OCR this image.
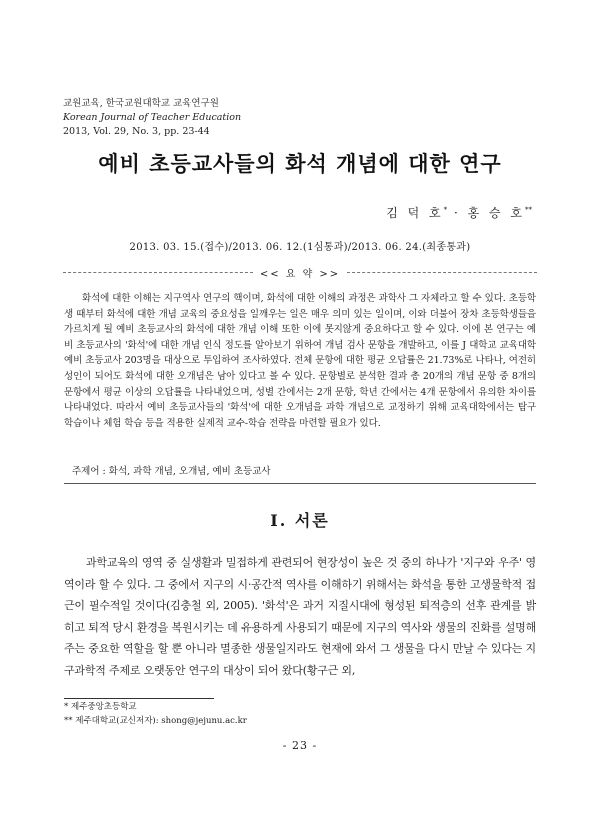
교원교육, 한국교원대학교 교육연구원
Korean Journal of Teacher Education
2013, Vol. 29, No. 3, pp. 23-44
예비 초등교사들의 화석 개념에 대한 연구
김 덕 호* · 홍 승 호**
2013. 03. 15.(접수)/2013. 06. 12.(1심통과)/2013. 06. 24.(최종통과)
<< 요 약 >>
화석에 대한 이해는 지구역사 연구의 핵이며, 화석에 대한 이해의 과정은 과학사 그 자체라고 할 수 있다. 초등학생 때부터 화석에 대한 개념 교육의 중요성을 일깨우는 일은 매우 의미 있는 일이며, 이와 더불어 장차 초등학생들을 가르치게 될 예비 초등교사의 화석에 대한 개념 이해 또한 이에 못지않게 중요하다고 할 수 있다. 이에 본 연구는 예비 초등교사의 '화석'에 대한 개념 인식 정도를 알아보기 위하여 개념 검사 문항을 개발하고, 이를 J 대학교 교육대학 예비 초등교사 203명을 대상으로 투입하여 조사하였다. 전체 문항에 대한 평균 오답률은 21.73%로 나타나, 여전히 성인이 되어도 화석에 대한 오개념은 남아 있다고 볼 수 있다. 문항별로 분석한 결과 총 20개의 개념 문항 중 8개의 문항에서 평균 이상의 오답률을 나타내었으며, 성별 간에서는 2개 문항, 학년 간에서는 4개 문항에서 유의한 차이를 나타내었다. 따라서 예비 초등교사들의 '화석'에 대한 오개념을 과학 개념으로 교정하기 위해 교육대학에서는 탐구 학습이나 체험 학습 등을 적용한 실제적 교수-학습 전략을 마련할 필요가 있다.
주제어 : 화석, 과학 개념, 오개념, 예비 초등교사
Ⅰ. 서론
과학교육의 영역 중 실생활과 밀접하게 관련되어 현장성이 높은 것 중의 하나가 '지구와 우주' 영역이라 할 수 있다. 그 중에서 지구의 시·공간적 역사를 이해하기 위해서는 화석을 통한 고생물학적 접근이 필수적일 것이다(김충철 외, 2005). '화석'은 과거 지질시대에 형성된 퇴적층의 선후 관계를 밝히고 퇴적 당시 환경을 복원시키는 데 유용하게 사용되기 때문에 지구의 역사와 생물의 진화를 설명해 주는 중요한 역할을 할 뿐 아니라 멸종한 생물일지라도 현재에 와서 그 생물을 다시 만날 수 있다는 지구과학적 주제로 오랫동안 연구의 대상이 되어 왔다(황구근 외,
* 제주중앙초등학교
** 제주대학교(교신저자): shong@jejunu.ac.kr
- 23 -
